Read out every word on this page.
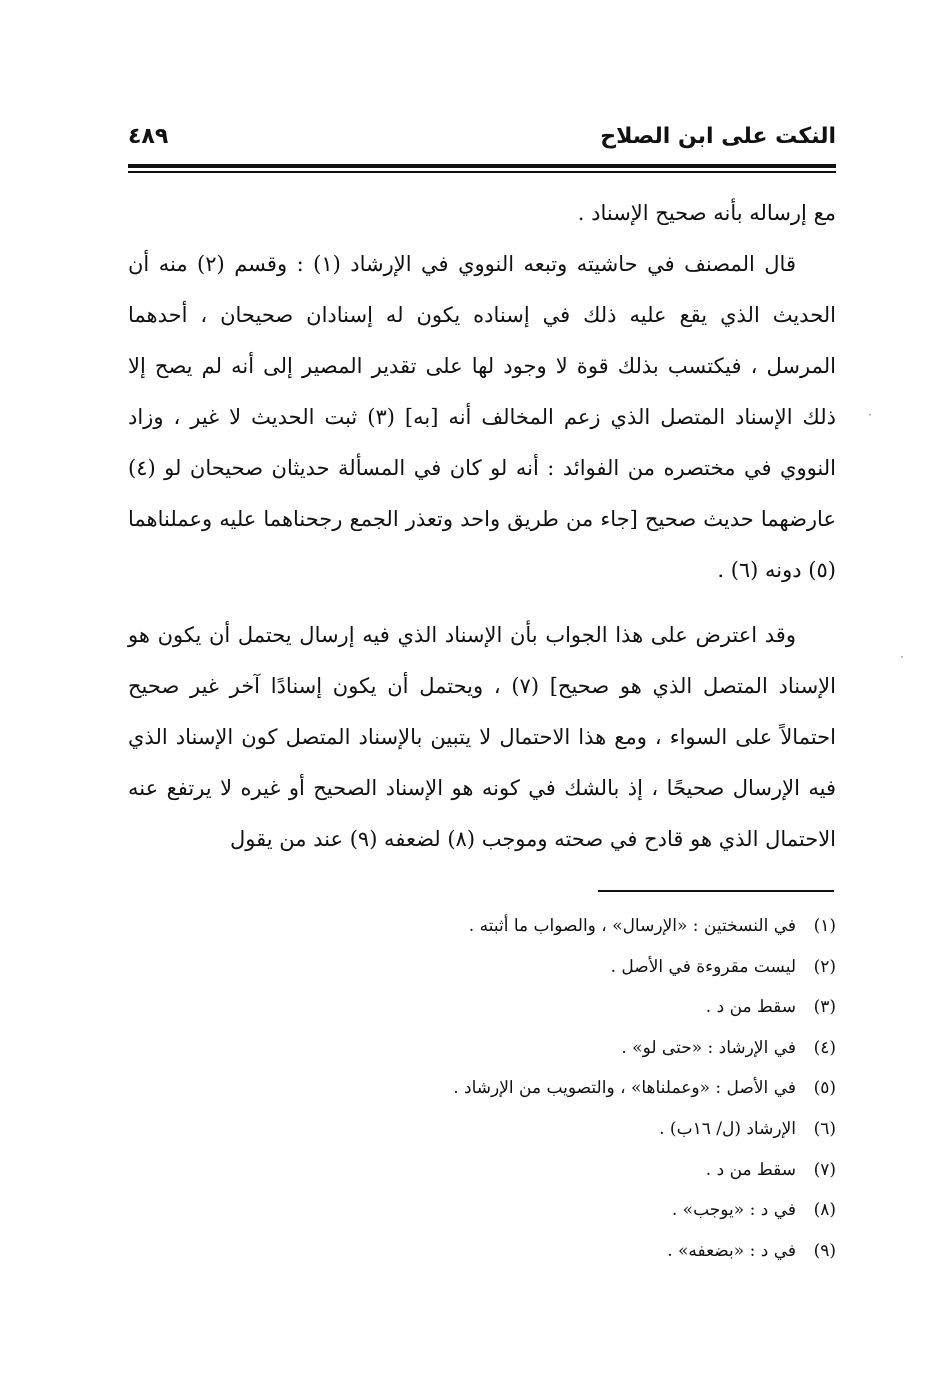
النكت على ابن الصلاح
٤٨٩

مع إرساله بأنه صحيح الإسناد .

قال المصنف في حاشيته وتبعه النووي في الإرشاد (١) : وقسم (٢) منه أن الحديث الذي يقع عليه ذلك في إسناده يكون له إسنادان صحيحان ، أحدهما المرسل ، فيكتسب بذلك قوة لا وجود لها على تقدير المصير إلى أنه لم يصح إلا ذلك الإسناد المتصل الذي زعم المخالف أنه [به] (٣) ثبت الحديث لا غير ، وزاد النووي في مختصره من الفوائد : أنه لو كان في المسألة حديثان صحيحان لو (٤) عارضهما حديث صحيح [جاء من طريق واحد وتعذر الجمع رجحناهما عليه وعملناهما (٥) دونه (٦) .

وقد اعترض على هذا الجواب بأن الإسناد الذي فيه إرسال يحتمل أن يكون هو الإسناد المتصل الذي هو صحيح] (٧) ، ويحتمل أن يكون إسنادًا آخر غير صحيح احتمالاً على السواء ، ومع هذا الاحتمال لا يتبين بالإسناد المتصل كون الإسناد الذي فيه الإرسال صحيحًا ، إذ بالشك في كونه هو الإسناد الصحيح أو غيره لا يرتفع عنه الاحتمال الذي هو قادح في صحته وموجب (٨) لضعفه (٩) عند من يقول

(١)في النسختين : «الإرسال» ، والصواب ما أثبته .
(٢)ليست مقروءة في الأصل .
(٣)سقط من د .
(٤)في الإرشاد : «حتى لو» .
(٥)في الأصل : «وعملناها» ، والتصويب من الإرشاد .
(٦)الإرشاد (ل/ ١٦ب) .
(٧)سقط من د .
(٨)في د : «يوجب» .
(٩)في د : «بضعفه» .
·
·
